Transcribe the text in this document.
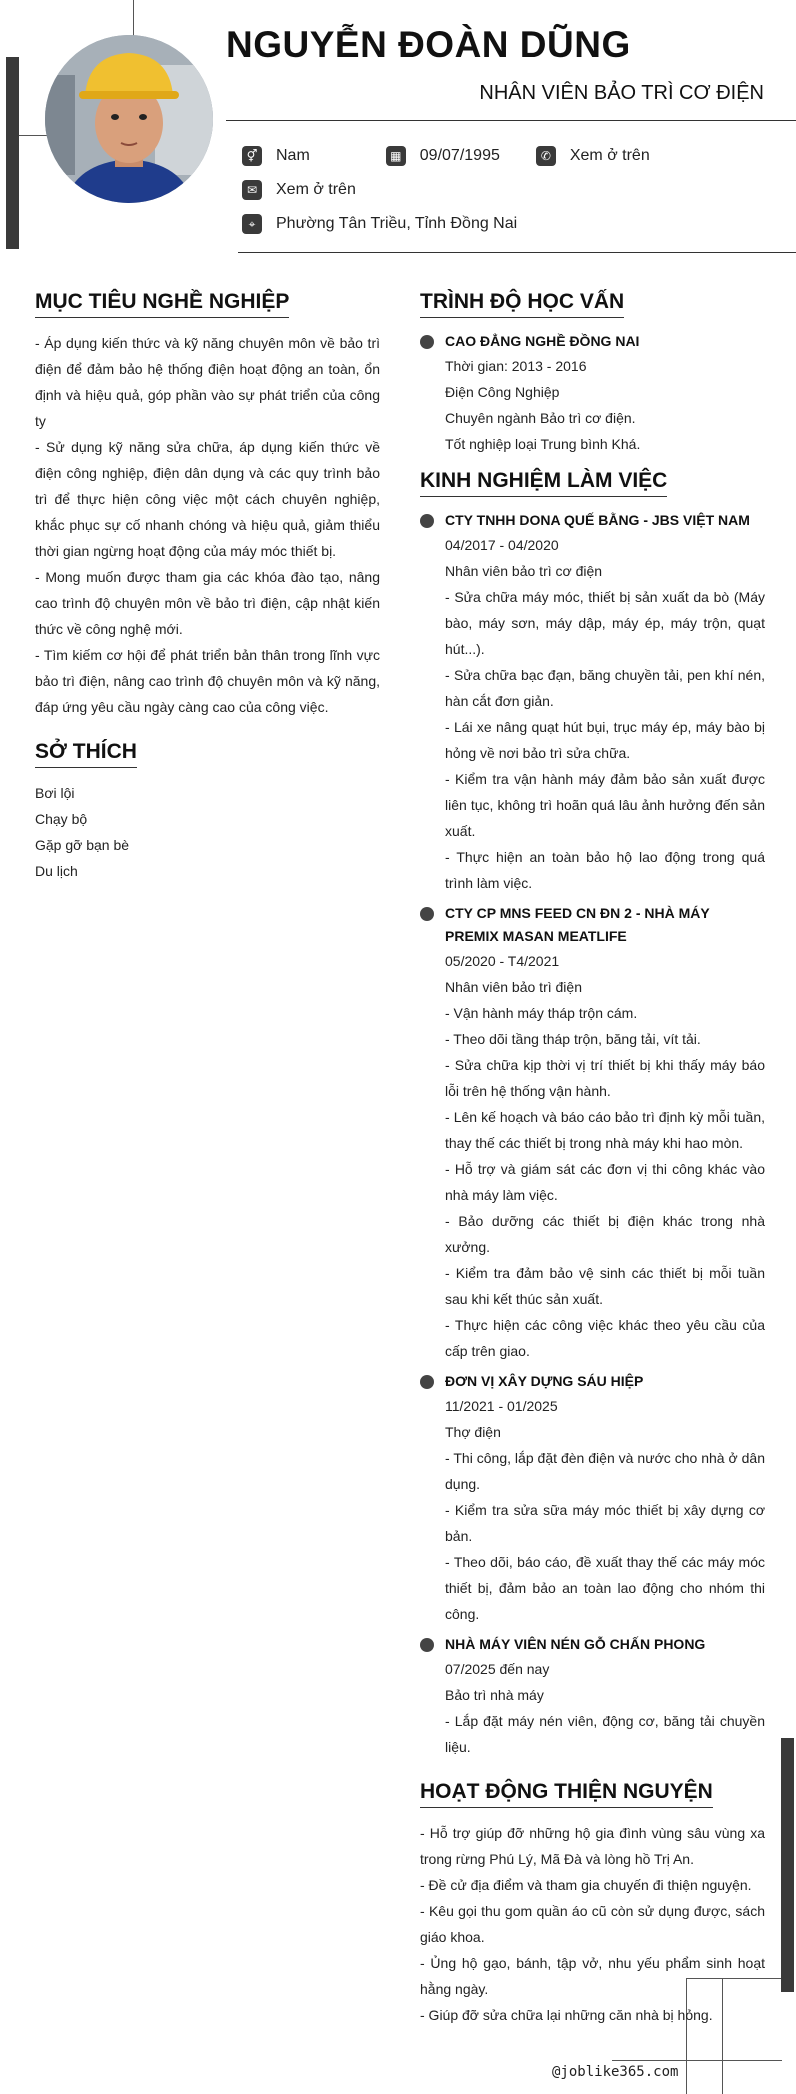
NGUYỄN ĐOÀN DŨNG
NHÂN VIÊN BẢO TRÌ CƠ ĐIỆN
⚥ Nam	▦ 09/07/1995	✆	Xem ở trên
✉	Xem ở trên
⌖	Phường Tân Triều, Tỉnh Đồng Nai
MỤC TIÊU NGHỀ NGHIỆP
- Áp dụng kiến thức và kỹ năng chuyên môn về bảo trì điện để đảm bảo hệ thống điện hoạt động an toàn, ổn định và hiệu quả, góp phần vào sự phát triển của công ty
- Sử dụng kỹ năng sửa chữa, áp dụng kiến thức về điện công nghiệp, điện dân dụng và các quy trình bảo trì để thực hiện công việc một cách chuyên nghiệp, khắc phục sự cố nhanh chóng và hiệu quả, giảm thiểu thời gian ngừng hoạt động của máy móc thiết bị.
- Mong muốn được tham gia các khóa đào tạo, nâng cao trình độ chuyên môn về bảo trì điện, cập nhật kiến thức về công nghệ mới.
- Tìm kiếm cơ hội để phát triển bản thân trong lĩnh vực bảo trì điện, nâng cao trình độ chuyên môn và kỹ năng, đáp ứng yêu cầu ngày càng cao của công việc.
SỞ THÍCH
Bơi lội
Chạy bộ
Gặp gỡ bạn bè
Du lịch
TRÌNH ĐỘ HỌC VẤN
CAO ĐẲNG NGHỀ ĐỒNG NAI
Thời gian: 2013 - 2016
Điện Công Nghiệp
Chuyên ngành Bảo trì cơ điện.
Tốt nghiệp loại Trung bình Khá.
KINH NGHIỆM LÀM VIỆC
CTY TNHH DONA QUẾ BẰNG - JBS VIỆT NAM
04/2017 - 04/2020
Nhân viên bảo trì cơ điện
- Sửa chữa máy móc, thiết bị sản xuất da bò (Máy bào, máy sơn, máy dập, máy ép, máy trộn, quạt hút...).
- Sửa chữa bạc đạn, băng chuyền tải, pen khí nén, hàn cắt đơn giản.
- Lái xe nâng quạt hút bụi, trục máy ép, máy bào bị hỏng về nơi bảo trì sửa chữa.
- Kiểm tra vận hành máy đảm bảo sản xuất được liên tục, không trì hoãn quá lâu ảnh hưởng đến sản xuất.
- Thực hiện an toàn bảo hộ lao động trong quá trình làm việc.
CTY CP MNS FEED CN ĐN 2 - NHÀ MÁY PREMIX MASAN MEATLIFE
05/2020 - T4/2021
Nhân viên bảo trì điện
- Vận hành máy tháp trộn cám.
- Theo dõi tầng tháp trộn, băng tải, vít tải.
- Sửa chữa kịp thời vị trí thiết bị khi thấy máy báo lỗi trên hệ thống vận hành.
- Lên kế hoạch và báo cáo bảo trì định kỳ mỗi tuần, thay thế các thiết bị trong nhà máy khi hao mòn.
- Hỗ trợ và giám sát các đơn vị thi công khác vào nhà máy làm việc.
- Bảo dưỡng các thiết bị điện khác trong nhà xưởng.
- Kiểm tra đảm bảo vệ sinh các thiết bị mỗi tuần sau khi kết thúc sản xuất.
- Thực hiện các công việc khác theo yêu cầu của cấp trên giao.
ĐƠN VỊ XÂY DỰNG SÁU HIỆP
11/2021 - 01/2025
Thợ điện
- Thi công, lắp đặt đèn điện và nước cho nhà ở dân dụng.
- Kiểm tra sửa sữa máy móc thiết bị xây dựng cơ bản.
- Theo dõi, báo cáo, đề xuất thay thế các máy móc thiết bị, đảm bảo an toàn lao động cho nhóm thi công.
NHÀ MÁY VIÊN NÉN GỖ CHẤN PHONG
07/2025 đến nay
Bảo trì nhà máy
- Lắp đặt máy nén viên, động cơ, băng tải chuyền liệu.
HOẠT ĐỘNG THIỆN NGUYỆN
- Hỗ trợ giúp đỡ những hộ gia đình vùng sâu vùng xa trong rừng Phú Lý, Mã Đà và lòng hồ Trị An.
- Đề cử địa điểm và tham gia chuyến đi thiện nguyện.
- Kêu gọi thu gom quần áo cũ còn sử dụng được, sách giáo khoa.
- Ủng hộ gạo, bánh, tập vở, nhu yếu phẩm sinh hoạt hằng ngày.
- Giúp đỡ sửa chữa lại những căn nhà bị hỏng.
@joblike365.com
